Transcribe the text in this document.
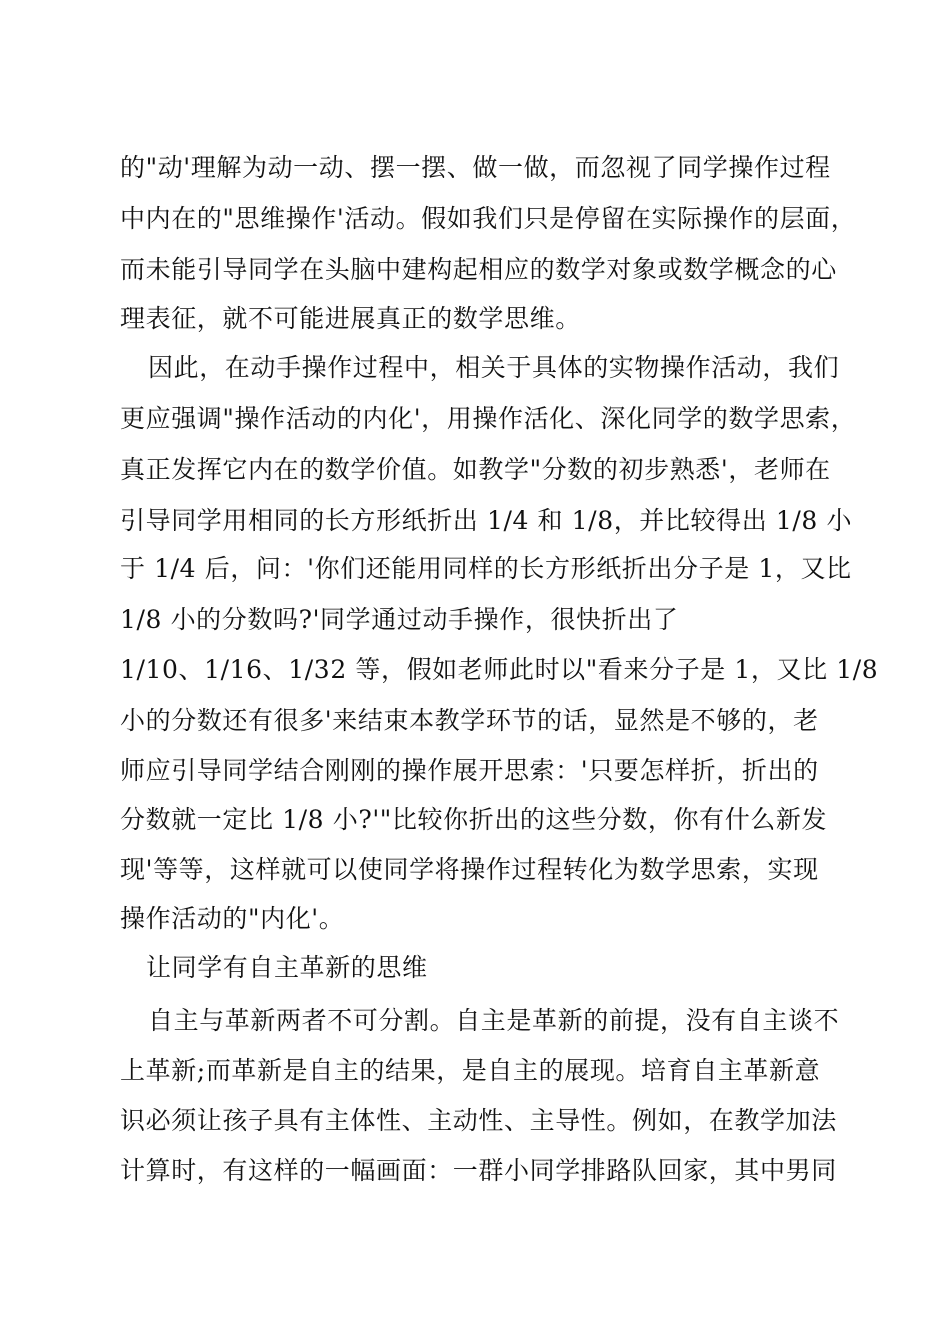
的"动'理解为动一动、摆一摆、做一做，而忽视了同学操作过程
中内在的"思维操作'活动。假如我们只是停留在实际操作的层面，
而未能引导同学在头脑中建构起相应的数学对象或数学概念的心
理表征，就不可能进展真正的数学思维。
因此，在动手操作过程中，相关于具体的实物操作活动，我们
更应强调"操作活动的内化'，用操作活化、深化同学的数学思索，
真正发挥它内在的数学价值。如教学"分数的初步熟悉'，老师在
引导同学用相同的长方形纸折出 1/4 和 1/8，并比较得出 1/8 小
于 1/4 后，问：'你们还能用同样的长方形纸折出分子是 1，又比
1/8 小的分数吗?'同学通过动手操作，很快折出了
1/10、1/16、1/32 等，假如老师此时以"看来分子是 1，又比 1/8
小的分数还有很多'来结束本教学环节的话，显然是不够的，老
师应引导同学结合刚刚的操作展开思索：'只要怎样折，折出的
分数就一定比 1/8 小?'"比较你折出的这些分数，你有什么新发
现'等等，这样就可以使同学将操作过程转化为数学思索，实现
操作活动的"内化'。
让同学有自主革新的思维
自主与革新两者不可分割。自主是革新的前提，没有自主谈不
上革新;而革新是自主的结果，是自主的展现。培育自主革新意
识必须让孩子具有主体性、主动性、主导性。例如，在教学加法
计算时，有这样的一幅画面：一群小同学排路队回家，其中男同
